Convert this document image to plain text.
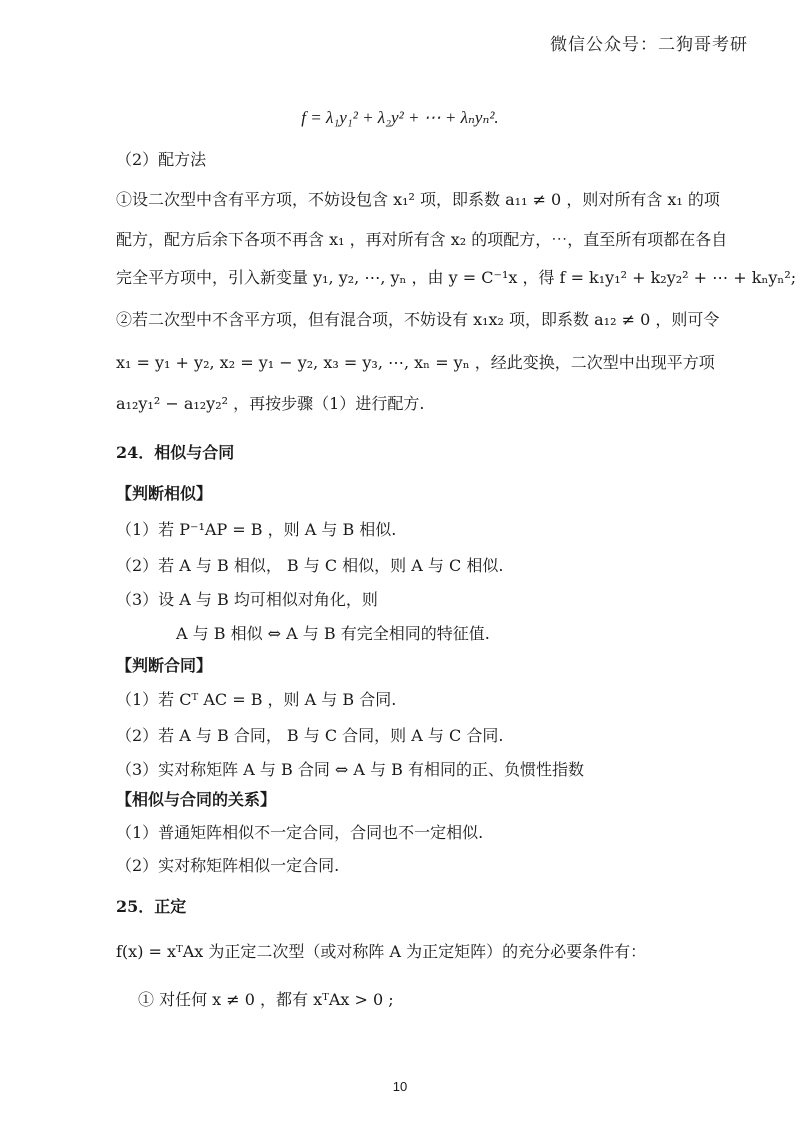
微信公众号：二狗哥考研
f = λ₁y₁² + λ₂y² + ⋯ + λₙyₙ².
（2）配方法
①设二次型中含有平方项，不妨设包含 x₁² 项，即系数 a₁₁ ≠ 0 ，则对所有含 x₁ 的项
配方，配方后余下各项不再含 x₁ ，再对所有含 x₂ 的项配方，⋯，直至所有项都在各自
完全平方项中，引入新变量 y₁, y₂, ⋯, yₙ ，由 y = C⁻¹x ，得 f = k₁y₁² + k₂y₂² + ⋯ + kₙyₙ²;
②若二次型中不含平方项，但有混合项，不妨设有 x₁x₂ 项，即系数 a₁₂ ≠ 0 ，则可令
x₁ = y₁ + y₂, x₂ = y₁ − y₂, x₃ = y₃, ⋯, xₙ = yₙ ，经此变换，二次型中出现平方项
a₁₂y₁² − a₁₂y₂² ，再按步骤（1）进行配方.
24．相似与合同
【判断相似】
（1）若 P⁻¹AP = B ，则 A 与 B 相似.
（2）若 A 与 B 相似， B 与 C 相似，则 A 与 C 相似.
（3）设 A 与 B 均可相似对角化，则
A 与 B 相似 ⇔ A 与 B 有完全相同的特征值.
【判断合同】
（1）若 Cᵀ AC = B ，则 A 与 B 合同.
（2）若 A 与 B 合同， B 与 C 合同，则 A 与 C 合同.
（3）实对称矩阵 A 与 B 合同 ⇔ A 与 B 有相同的正、负惯性指数
【相似与合同的关系】
（1）普通矩阵相似不一定合同，合同也不一定相似.
（2）实对称矩阵相似一定合同.
25．正定
f(x) = xᵀAx 为正定二次型（或对称阵 A 为正定矩阵）的充分必要条件有：
① 对任何 x ≠ 0 ，都有 xᵀAx > 0 ;
10
